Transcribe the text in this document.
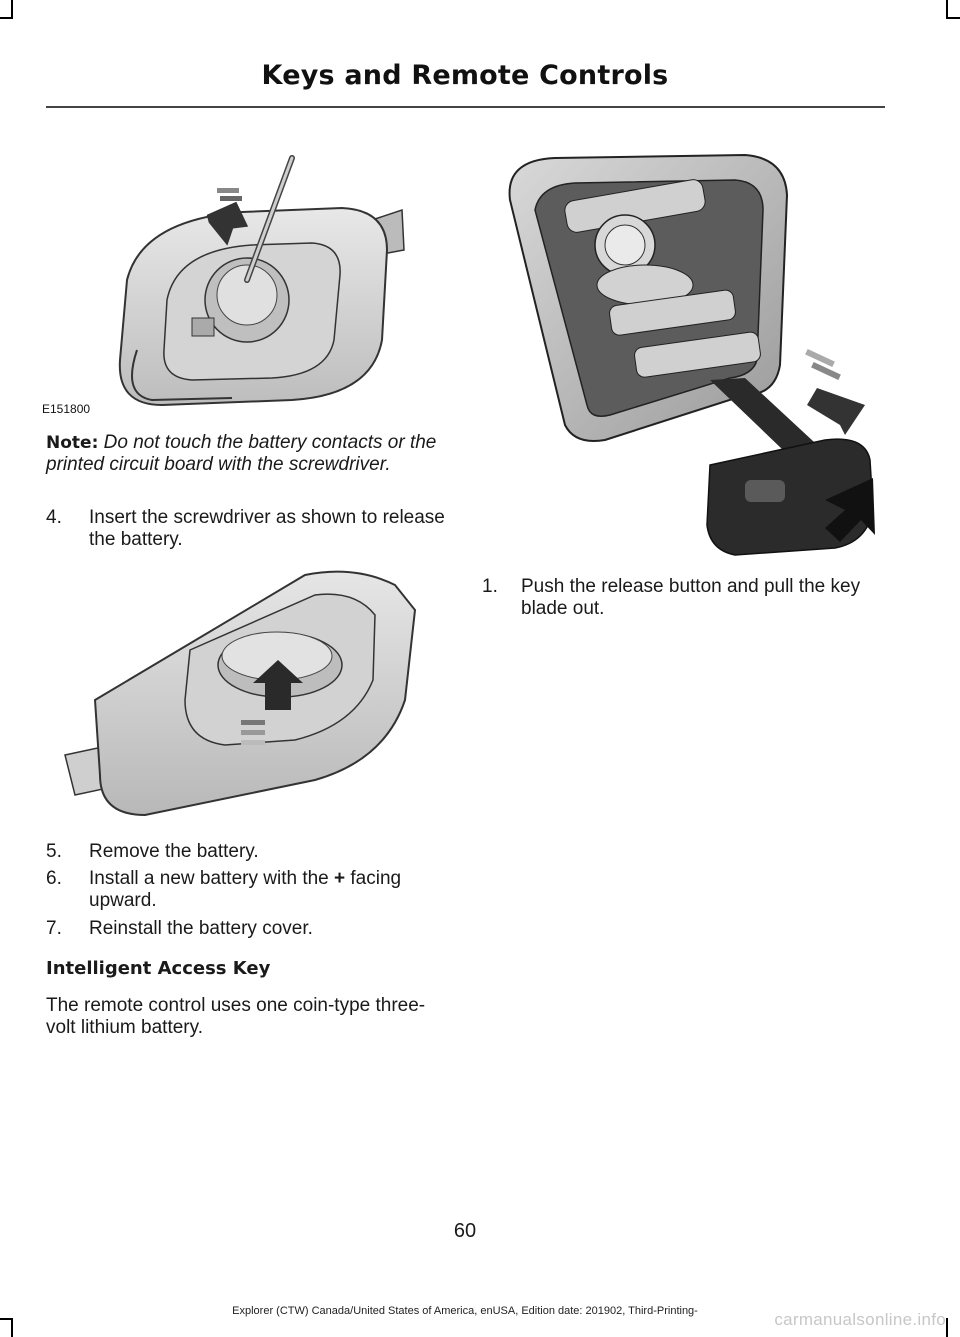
Keys and Remote Controls
E151800
Note: Do not touch the battery contacts or the printed circuit board with the screwdriver.
4. Insert the screwdriver as shown to release the battery.
5. Remove the battery.
6. Install a new battery with the + facing upward.
7. Reinstall the battery cover.
Intelligent Access Key
The remote control uses one coin-type three-volt lithium battery.
1. Push the release button and pull the key blade out.
60
Explorer (CTW) Canada/United States of America, enUSA, Edition date: 201902, Third-Printing-	carmanualsonline.info
